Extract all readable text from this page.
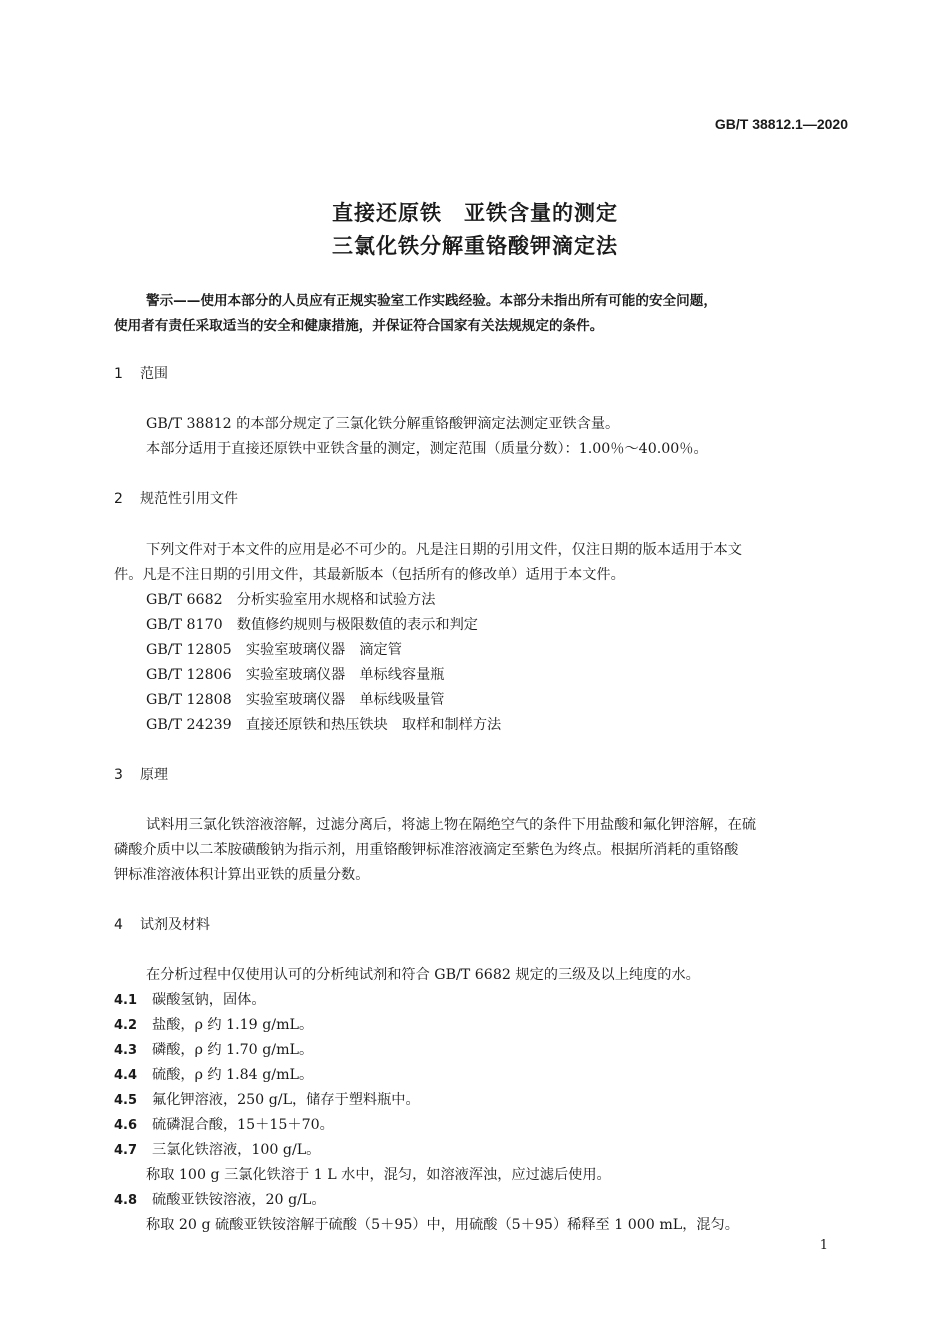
GB/T 38812.1—2020
直接还原铁　亚铁含量的测定
三氯化铁分解重铬酸钾滴定法
警示——使用本部分的人员应有正规实验室工作实践经验。本部分未指出所有可能的安全问题，
使用者有责任采取适当的安全和健康措施，并保证符合国家有关法规规定的条件。
1 范围
GB/T 38812 的本部分规定了三氯化铁分解重铬酸钾滴定法测定亚铁含量。
本部分适用于直接还原铁中亚铁含量的测定，测定范围（质量分数）：1.00％～40.00％。
2 规范性引用文件
下列文件对于本文件的应用是必不可少的。凡是注日期的引用文件，仅注日期的版本适用于本文
件。凡是不注日期的引用文件，其最新版本（包括所有的修改单）适用于本文件。
GB/T 6682　分析实验室用水规格和试验方法
GB/T 8170　数值修约规则与极限数值的表示和判定
GB/T 12805　实验室玻璃仪器　滴定管
GB/T 12806　实验室玻璃仪器　单标线容量瓶
GB/T 12808　实验室玻璃仪器　单标线吸量管
GB/T 24239　直接还原铁和热压铁块　取样和制样方法
3 原理
试料用三氯化铁溶液溶解，过滤分离后，将滤上物在隔绝空气的条件下用盐酸和氟化钾溶解，在硫
磷酸介质中以二苯胺磺酸钠为指示剂，用重铬酸钾标准溶液滴定至紫色为终点。根据所消耗的重铬酸
钾标准溶液体积计算出亚铁的质量分数。
4 试剂及材料
在分析过程中仅使用认可的分析纯试剂和符合 GB/T 6682 规定的三级及以上纯度的水。
4.1 碳酸氢钠，固体。
4.2 盐酸，ρ 约 1.19 g/mL。
4.3 磷酸，ρ 约 1.70 g/mL。
4.4 硫酸，ρ 约 1.84 g/mL。
4.5 氟化钾溶液，250 g/L，储存于塑料瓶中。
4.6 硫磷混合酸，15＋15＋70。
4.7 三氯化铁溶液，100 g/L。
称取 100 g 三氯化铁溶于 1 L 水中，混匀，如溶液浑浊，应过滤后使用。
4.8 硫酸亚铁铵溶液，20 g/L。
称取 20 g 硫酸亚铁铵溶解于硫酸（5＋95）中，用硫酸（5＋95）稀释至 1 000 mL，混匀。
1
